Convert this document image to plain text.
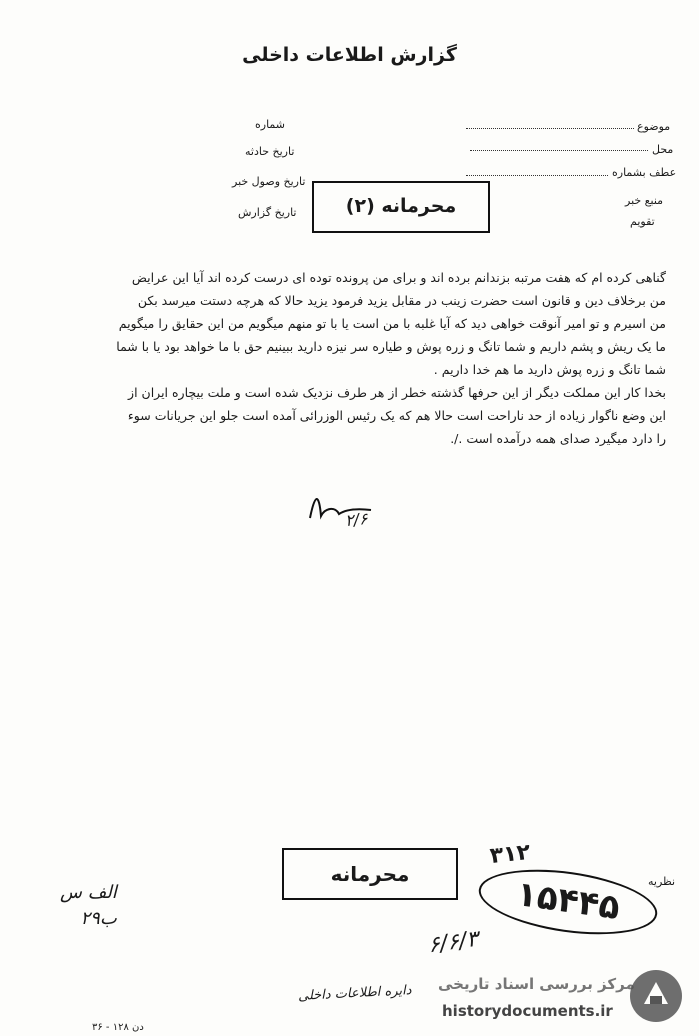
گزارش اطلاعات داخلی
شماره
تاریخ حادثه
تاریخ وصول خبر
تاریخ گزارش
موضوع
محل
عطف بشماره
منبع خبر
تقویم
محرمانه (۲)

گناهی کرده ام که هفت مرتبه بزندانم برده اند و برای من پرونده توده ای درست کرده اند آیا این عرایض

من برخلاف دین و قانون است حضرت زینب در مقابل یزید فرمود یزید حالا که هرچه دستت میرسد بکن

من اسیرم و تو امیر آنوقت خواهی دید که آیا غلبه با من است یا با تو منهم میگویم من این حقایق را میگویم

ما یک ریش و پشم داریم و شما تانگ و زره پوش و طیاره سر نیزه دارید ببینیم حق با ما خواهد بود یا با شما

شما تانگ و زره پوش دارید ما هم خدا داریم .

بخدا کار این مملکت دیگر از این حرفها گذشته خطر از هر طرف نزدیک شده است و ملت بیچاره ایران از

این وضع ناگوار زیاده از حد ناراحت است حالا هم که یک رئیس الوزرائی آمده است جلو این جریانات سوء

را دارد میگیرد صدای همه درآمده است ./.

۲/۶
نظریه
محرمانه
۳۱۲
۱۵۴۴۵
۶/۶/۳
الف س
ب۲۹
دایره اطلاعات داخلی
دن ۱۲۸ - ۳۶
مرکز بررسی اسناد تاریخی
historydocuments.ir
